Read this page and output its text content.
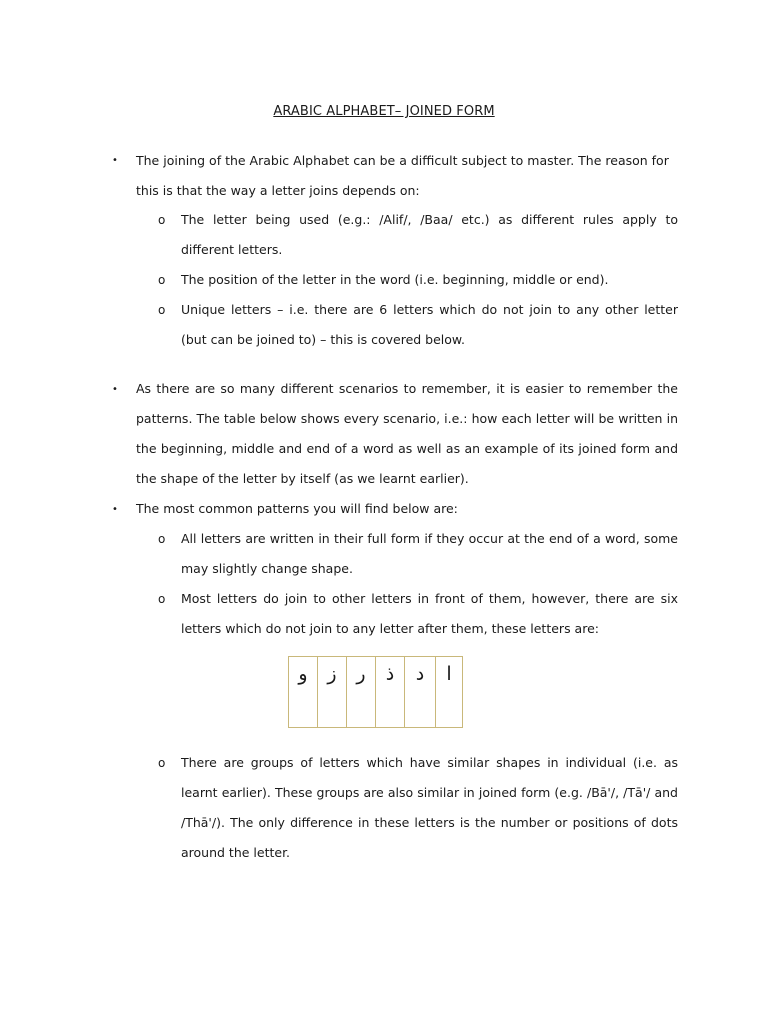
ARABIC ALPHABET– JOINED FORM
• The joining of the Arabic Alphabet can be a difficult subject to master. The reason for this is that the way a letter joins depends on:

o The letter being used (e.g.: /Alif/, /Baa/ etc.) as different rules apply to different letters.

o The position of the letter in the word (i.e. beginning, middle or end).

o Unique letters – i.e. there are 6 letters which do not join to any other letter (but can be joined to) – this is covered below.

• As there are so many different scenarios to remember, it is easier to remember the patterns. The table below shows every scenario, i.e.: how each letter will be written in the beginning, middle and end of a word as well as an example of its joined form and the shape of the letter by itself (as we learnt earlier).

• The most common patterns you will find below are:

o All letters are written in their full form if they occur at the end of a word, some may slightly change shape.

o Most letters do join to other letters in front of them, however, there are six letters which do not join to any letter after them, these letters are:

و	ز	ر	ذ	د	ا
o There are groups of letters which have similar shapes in individual (i.e. as learnt earlier). These groups are also similar in joined form (e.g. /Bā'/, /Tā'/ and /Thā'/). The only difference in these letters is the number or positions of dots around the letter.
